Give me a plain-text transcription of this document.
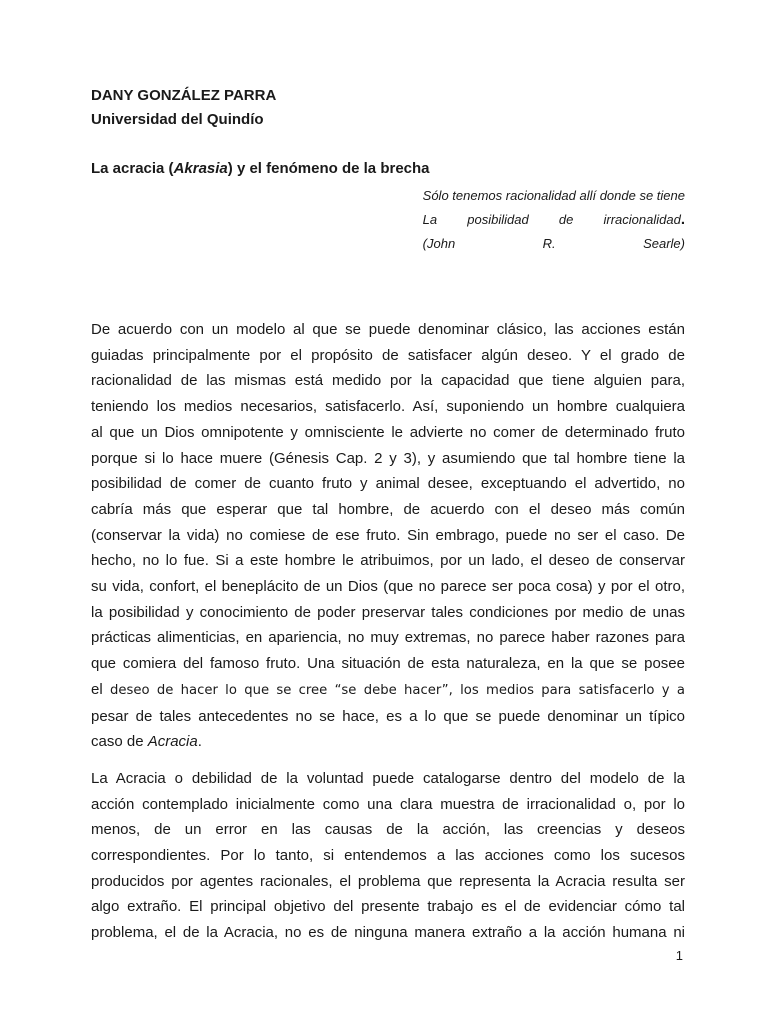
DANY GONZÁLEZ PARRA

Universidad del Quindío

La acracia (Akrasia) y el fenómeno de la brecha

Sólo tenemos racionalidad allí donde se tiene
La posibilidad de irracionalidad.
(John R. Searle)

De acuerdo con un modelo al que se puede denominar clásico, las acciones están
guiadas principalmente por el propósito de satisfacer algún deseo. Y el grado de
racionalidad de las mismas está medido por la capacidad que tiene alguien para,
teniendo los medios necesarios, satisfacerlo. Así, suponiendo un hombre cualquiera
al que un Dios omnipotente y omnisciente le advierte no comer de determinado fruto
porque si lo hace muere (Génesis Cap. 2 y 3), y asumiendo que tal hombre tiene la
posibilidad de comer de cuanto fruto y animal desee, exceptuando el advertido, no
cabría más que esperar que tal hombre, de acuerdo con el deseo más común
(conservar la vida) no comiese de ese fruto. Sin embrago, puede no ser el caso. De
hecho, no lo fue. Si a este hombre le atribuimos, por un lado, el deseo de conservar
su vida, confort, el beneplácito de un Dios (que no parece ser poca cosa) y por el otro,
la posibilidad y conocimiento de poder preservar tales condiciones por medio de unas
prácticas alimenticias, en apariencia, no muy extremas, no parece haber razones para
que comiera del famoso fruto. Una situación de esta naturaleza, en la que se posee
el deseo de hacer lo que se cree “se debe hacer”, los medios para satisfacerlo y a
pesar de tales antecedentes no se hace, es a lo que se puede denominar un típico
caso de Acracia.

La Acracia o debilidad de la voluntad puede catalogarse dentro del modelo de la
acción contemplado inicialmente como una clara muestra de irracionalidad o, por lo
menos, de un error en las causas de la acción, las creencias y deseos
correspondientes. Por lo tanto, si entendemos a las acciones como los sucesos
producidos por agentes racionales, el problema que representa la Acracia resulta ser
algo extraño. El principal objetivo del presente trabajo es el de evidenciar cómo tal
problema, el de la Acracia, no es de ninguna manera extraño a la acción humana ni

1
